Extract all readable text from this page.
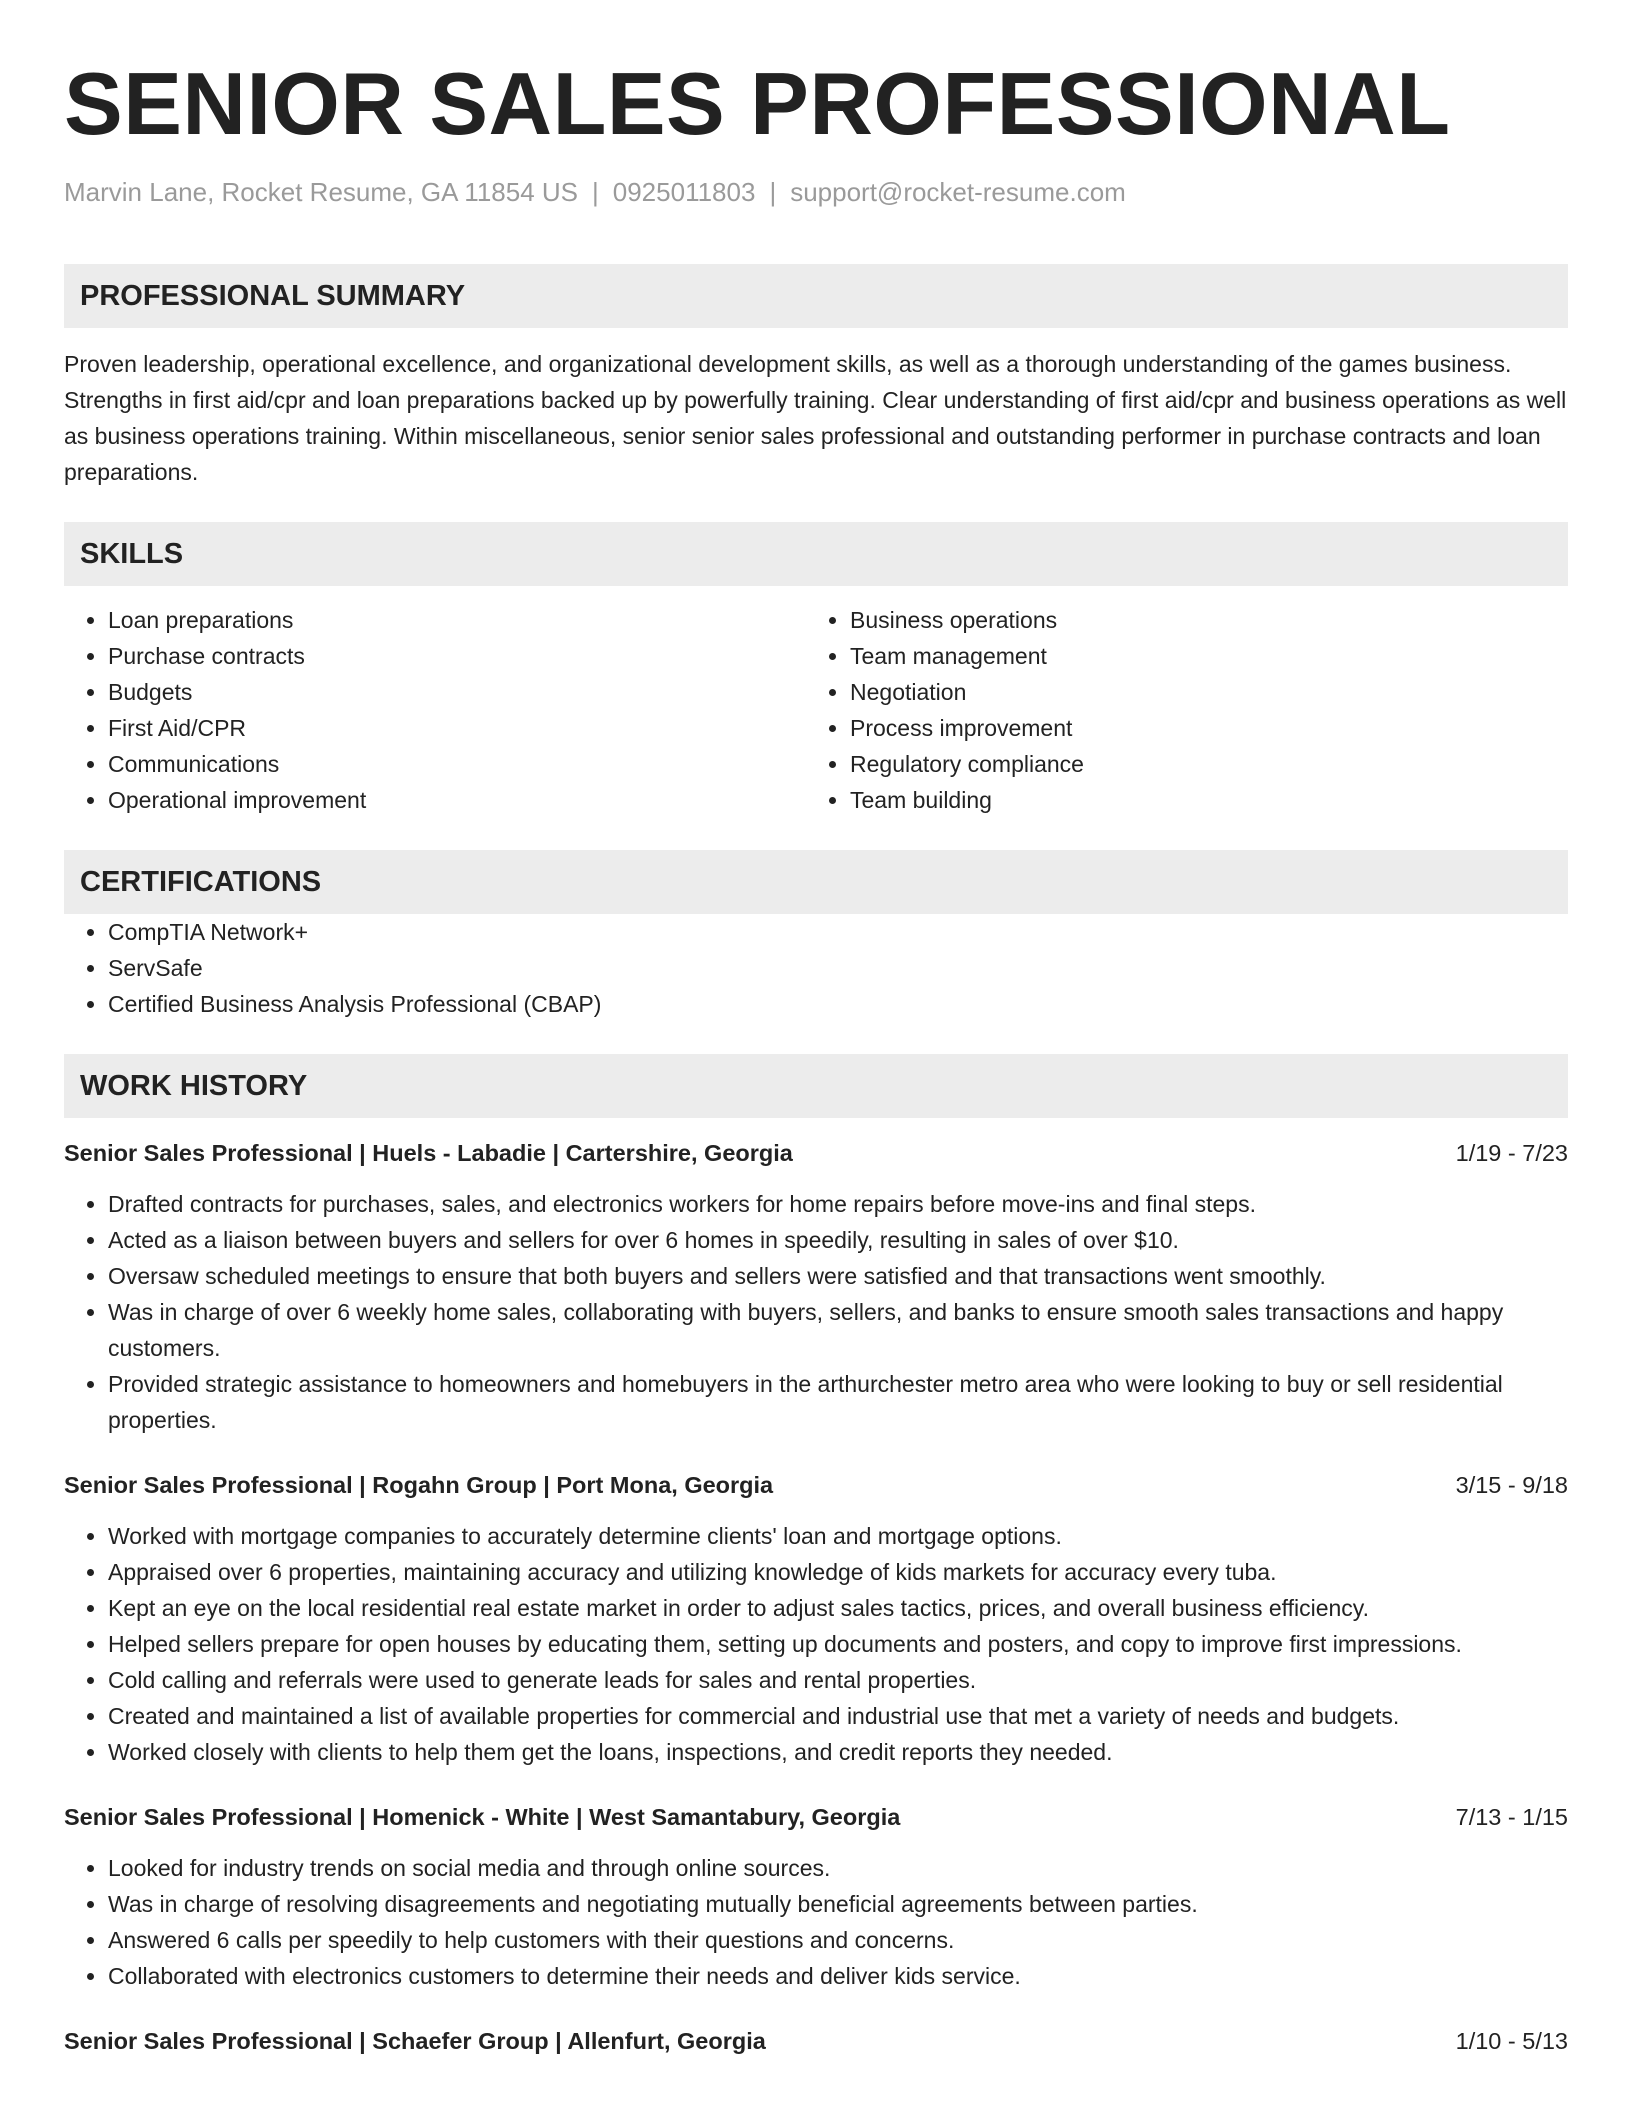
SENIOR SALES PROFESSIONAL
Marvin Lane, Rocket Resume, GA 11854 US | 0925011803 | support@rocket-resume.com
PROFESSIONAL SUMMARY
Proven leadership, operational excellence, and organizational development skills, as well as a thorough understanding of the games business. Strengths in first aid/cpr and loan preparations backed up by powerfully training. Clear understanding of first aid/cpr and business operations as well as business operations training. Within miscellaneous, senior senior sales professional and outstanding performer in purchase contracts and loan preparations.
SKILLS
• Loan preparations
• Purchase contracts
• Budgets
• First Aid/CPR
• Communications
• Operational improvement
• Business operations
• Team management
• Negotiation
• Process improvement
• Regulatory compliance
• Team building
CERTIFICATIONS
• CompTIA Network+
• ServSafe
• Certified Business Analysis Professional (CBAP)
WORK HISTORY
Senior Sales Professional | Huels - Labadie | Cartershire, Georgia	1/19 - 7/23
• Drafted contracts for purchases, sales, and electronics workers for home repairs before move-ins and final steps.
• Acted as a liaison between buyers and sellers for over 6 homes in speedily, resulting in sales of over $10.
• Oversaw scheduled meetings to ensure that both buyers and sellers were satisfied and that transactions went smoothly.
• Was in charge of over 6 weekly home sales, collaborating with buyers, sellers, and banks to ensure smooth sales transactions and happy customers.
• Provided strategic assistance to homeowners and homebuyers in the arthurchester metro area who were looking to buy or sell residential properties.
Senior Sales Professional | Rogahn Group | Port Mona, Georgia	3/15 - 9/18
• Worked with mortgage companies to accurately determine clients' loan and mortgage options.
• Appraised over 6 properties, maintaining accuracy and utilizing knowledge of kids markets for accuracy every tuba.
• Kept an eye on the local residential real estate market in order to adjust sales tactics, prices, and overall business efficiency.
• Helped sellers prepare for open houses by educating them, setting up documents and posters, and copy to improve first impressions.
• Cold calling and referrals were used to generate leads for sales and rental properties.
• Created and maintained a list of available properties for commercial and industrial use that met a variety of needs and budgets.
• Worked closely with clients to help them get the loans, inspections, and credit reports they needed.
Senior Sales Professional | Homenick - White | West Samantabury, Georgia	7/13 - 1/15
• Looked for industry trends on social media and through online sources.
• Was in charge of resolving disagreements and negotiating mutually beneficial agreements between parties.
• Answered 6 calls per speedily to help customers with their questions and concerns.
• Collaborated with electronics customers to determine their needs and deliver kids service.
Senior Sales Professional | Schaefer Group | Allenfurt, Georgia	1/10 - 5/13
